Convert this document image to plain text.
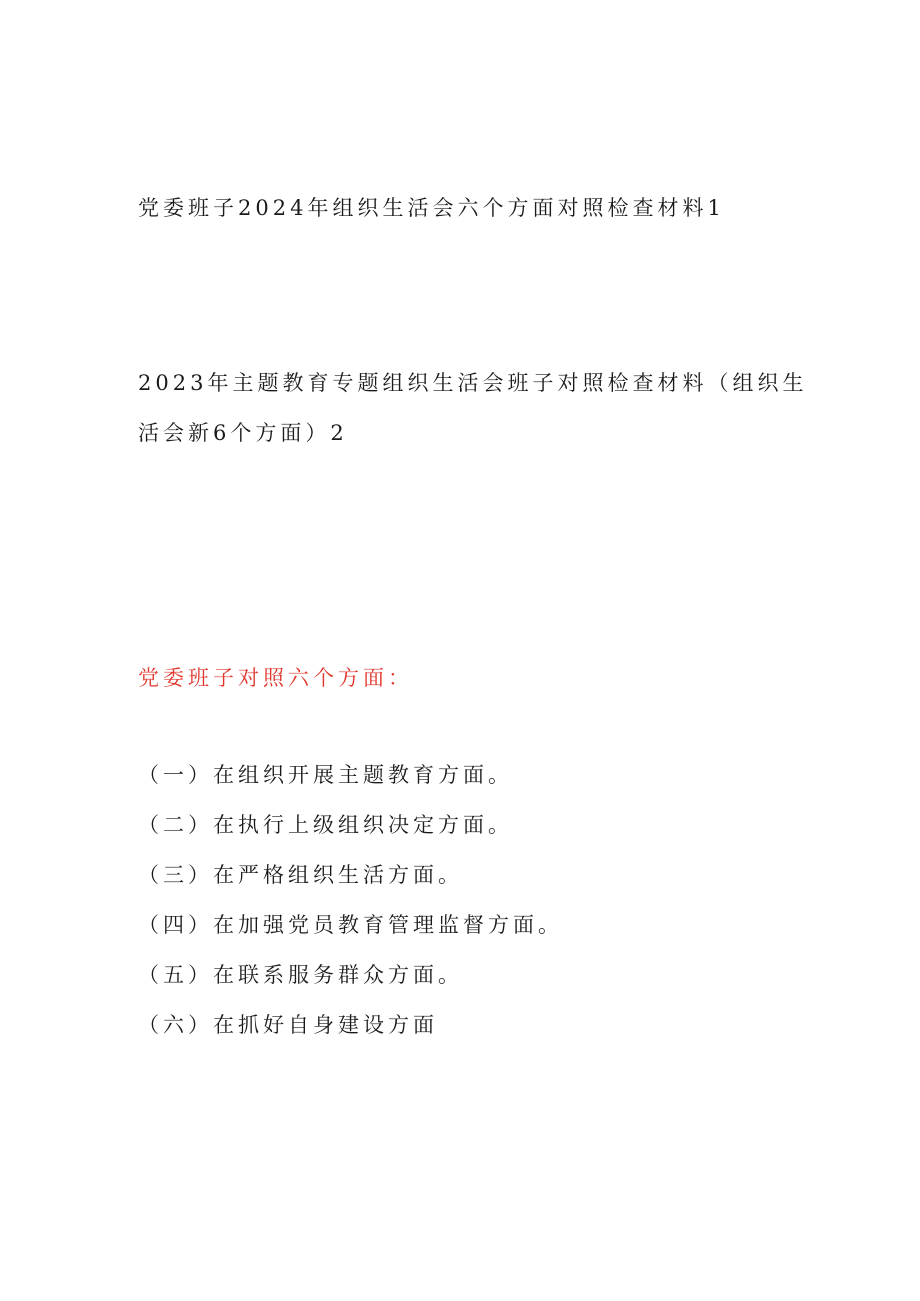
党委班子2024年组织生活会六个方面对照检查材料1
2023年主题教育专题组织生活会班子对照检查材料（组织生
活会新6个方面）2
党委班子对照六个方面：
（一）在组织开展主题教育方面。
（二）在执行上级组织决定方面。
（三）在严格组织生活方面。
（四）在加强党员教育管理监督方面。
（五）在联系服务群众方面。
（六）在抓好自身建设方面
